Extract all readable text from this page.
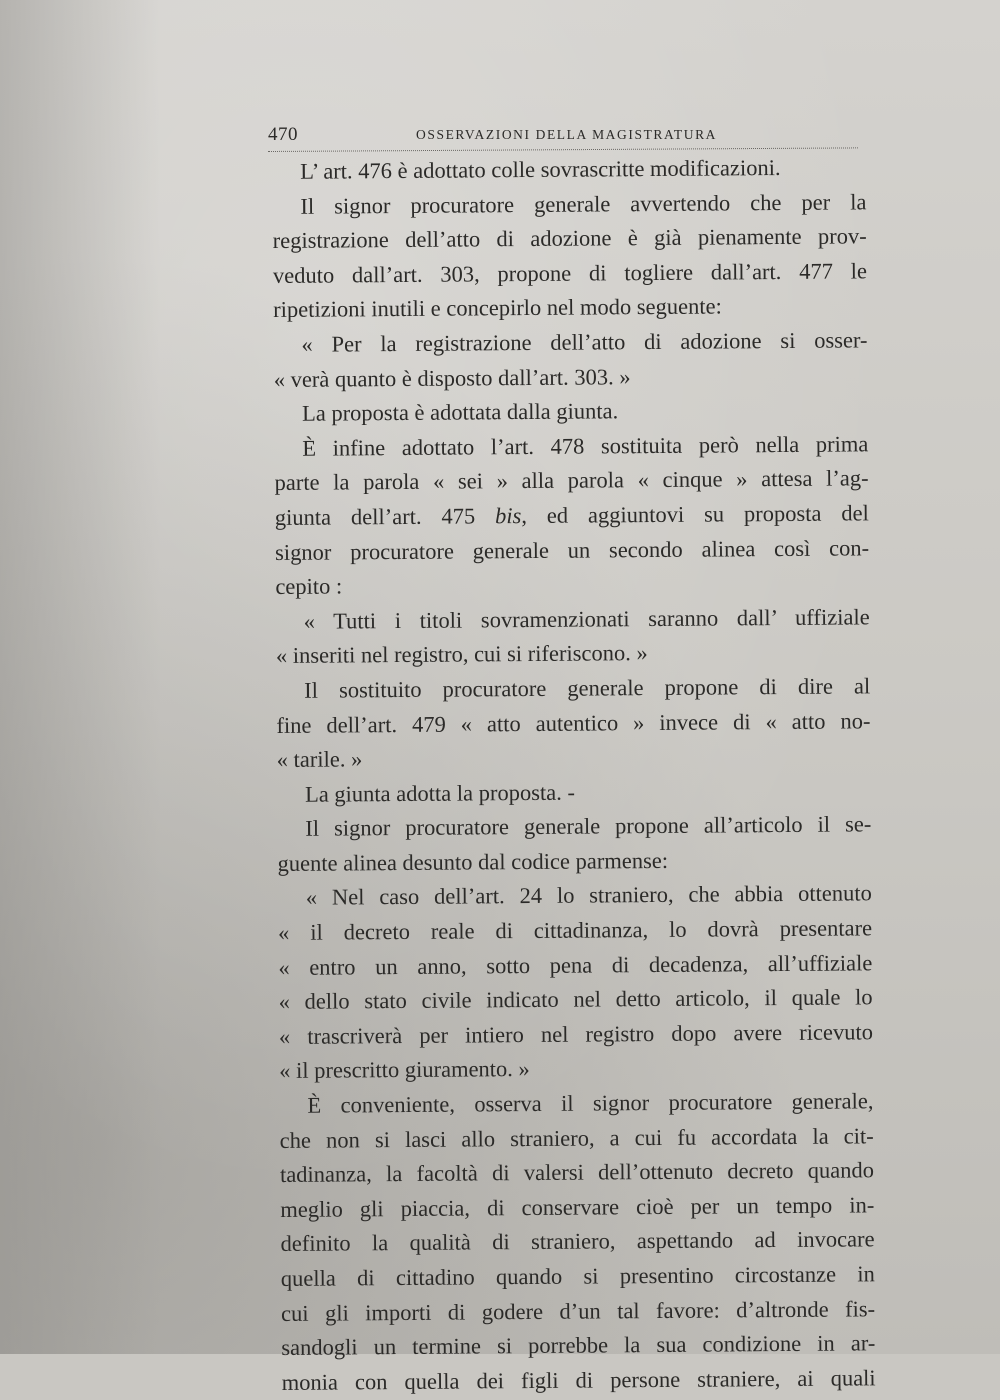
470	OSSERVAZIONI DELLA MAGISTRATURA
L’ art. 476 è adottato colle sovrascritte modificazioni.
Il signor procuratore generale avvertendo che per la
registrazione dell’atto di adozione è già pienamente prov-
veduto dall’art. 303, propone di togliere dall’art. 477 le
ripetizioni inutili e concepirlo nel modo seguente:
« Per la registrazione dell’atto di adozione si osser-
« verà quanto è disposto dall’art. 303. »
La proposta è adottata dalla giunta.
È infine adottato l’art. 478 sostituita però nella prima
parte la parola « sei » alla parola « cinque » attesa l’ag-
giunta dell’art. 475 bis, ed aggiuntovi su proposta del
signor procuratore generale un secondo alinea così con-
cepito :
« Tutti i titoli sovramenzionati saranno dall’ uffiziale
« inseriti nel registro, cui si riferiscono. »
Il sostituito procuratore generale propone di dire al
fine dell’art. 479 « atto autentico » invece di « atto no-
« tarile. »
La giunta adotta la proposta. -
Il signor procuratore generale propone all’articolo il se-
guente alinea desunto dal codice parmense:
« Nel caso dell’art. 24 lo straniero, che abbia ottenuto
« il decreto reale di cittadinanza, lo dovrà presentare
« entro un anno, sotto pena di decadenza, all’uffiziale
« dello stato civile indicato nel detto articolo, il quale lo
« trascriverà per intiero nel registro dopo avere ricevuto
« il prescritto giuramento. »
È conveniente, osserva il signor procuratore generale,
che non si lasci allo straniero, a cui fu accordata la cit-
tadinanza, la facoltà di valersi dell’ottenuto decreto quando
meglio gli piaccia, di conservare cioè per un tempo in-
definito la qualità di straniero, aspettando ad invocare
quella di cittadino quando si presentino circostanze in
cui gli importi di godere d’un tal favore: d’altronde fis-
sandogli un termine si porrebbe la sua condizione in ar-
monia con quella dei figli di persone straniere, ai quali
